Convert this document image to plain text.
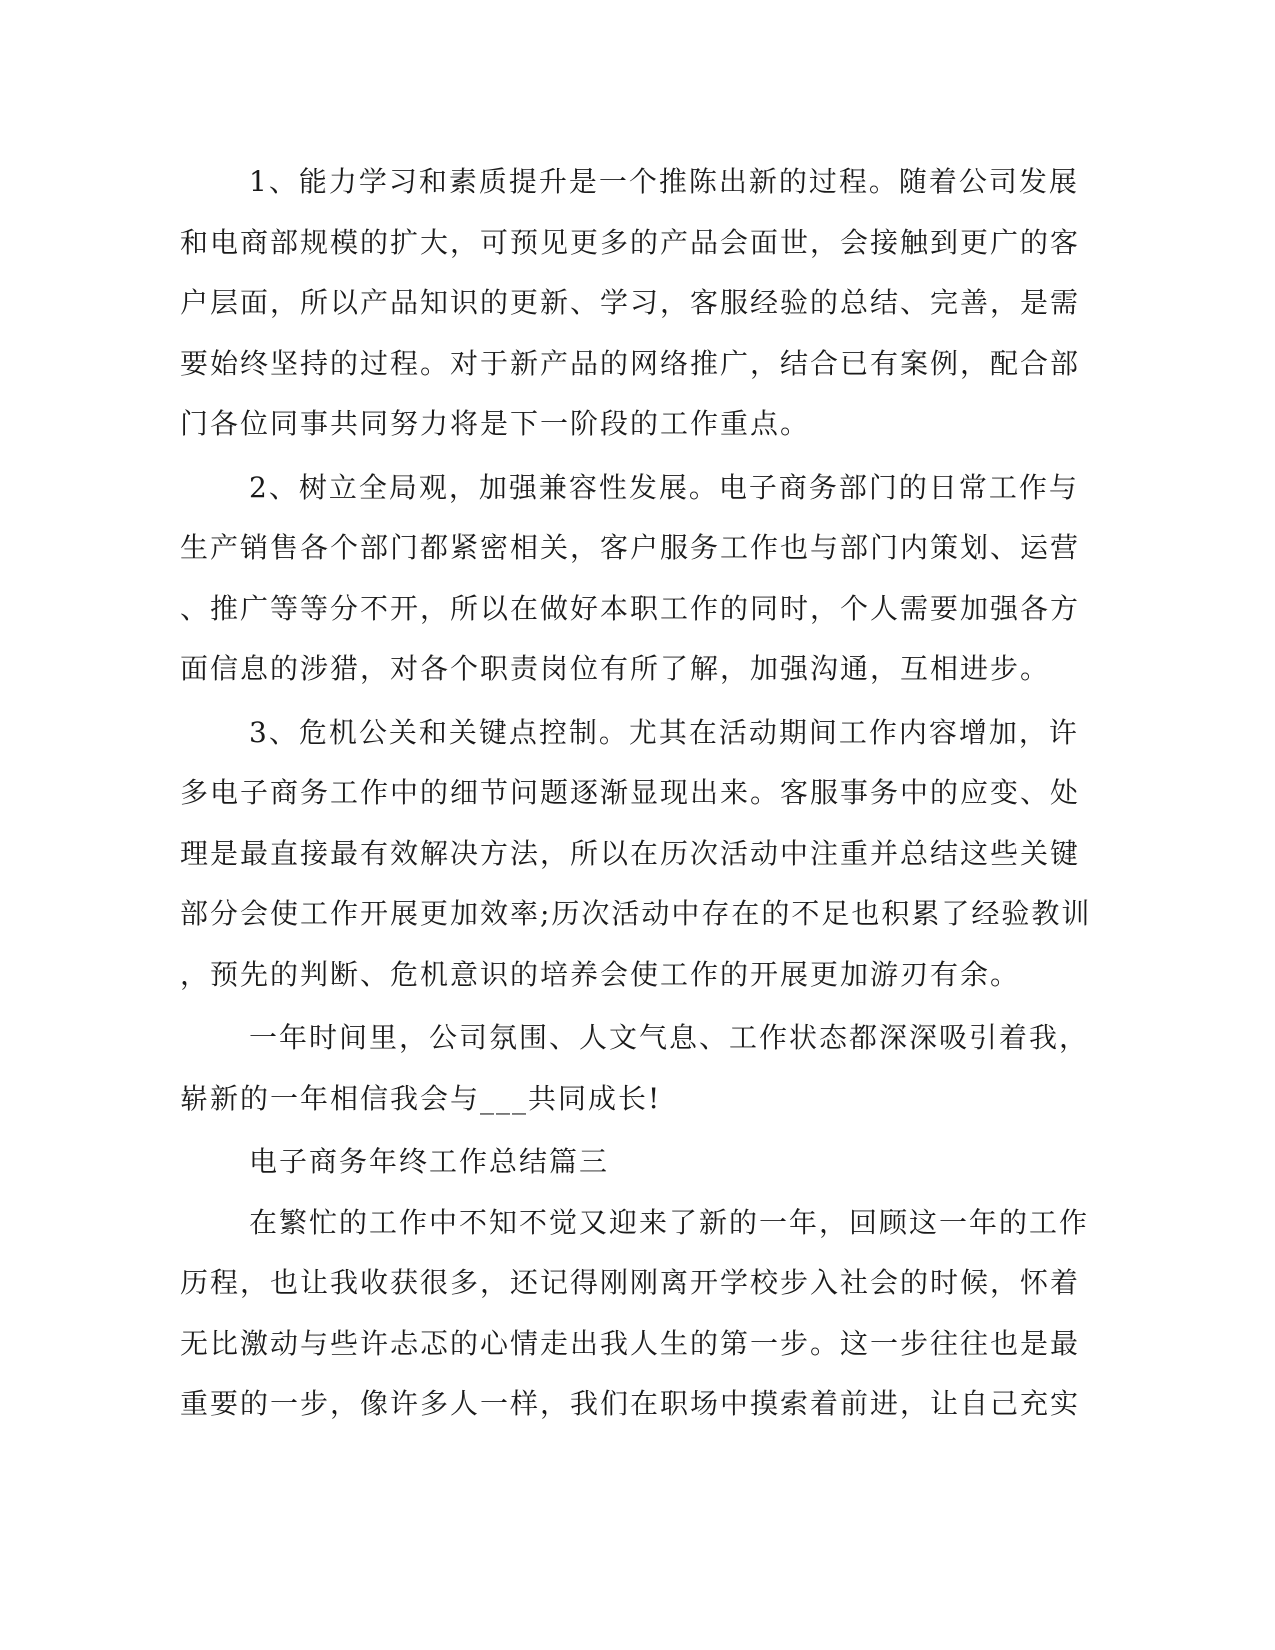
1、能力学习和素质提升是一个推陈出新的过程。随着公司发展
和电商部规模的扩大，可预见更多的产品会面世，会接触到更广的客
户层面，所以产品知识的更新、学习，客服经验的总结、完善，是需
要始终坚持的过程。对于新产品的网络推广，结合已有案例，配合部
门各位同事共同努力将是下一阶段的工作重点。
2、树立全局观，加强兼容性发展。电子商务部门的日常工作与
生产销售各个部门都紧密相关，客户服务工作也与部门内策划、运营
、推广等等分不开，所以在做好本职工作的同时，个人需要加强各方
面信息的涉猎，对各个职责岗位有所了解，加强沟通，互相进步。
3、危机公关和关键点控制。尤其在活动期间工作内容增加，许
多电子商务工作中的细节问题逐渐显现出来。客服事务中的应变、处
理是最直接最有效解决方法，所以在历次活动中注重并总结这些关键
部分会使工作开展更加效率;历次活动中存在的不足也积累了经验教训
，预先的判断、危机意识的培养会使工作的开展更加游刃有余。
一年时间里，公司氛围、人文气息、工作状态都深深吸引着我，
崭新的一年相信我会与___共同成长!
电子商务年终工作总结篇三
在繁忙的工作中不知不觉又迎来了新的一年，回顾这一年的工作
历程，也让我收获很多，还记得刚刚离开学校步入社会的时候，怀着
无比激动与些许忐忑的心情走出我人生的第一步。这一步往往也是最
重要的一步，像许多人一样，我们在职场中摸索着前进，让自己充实
